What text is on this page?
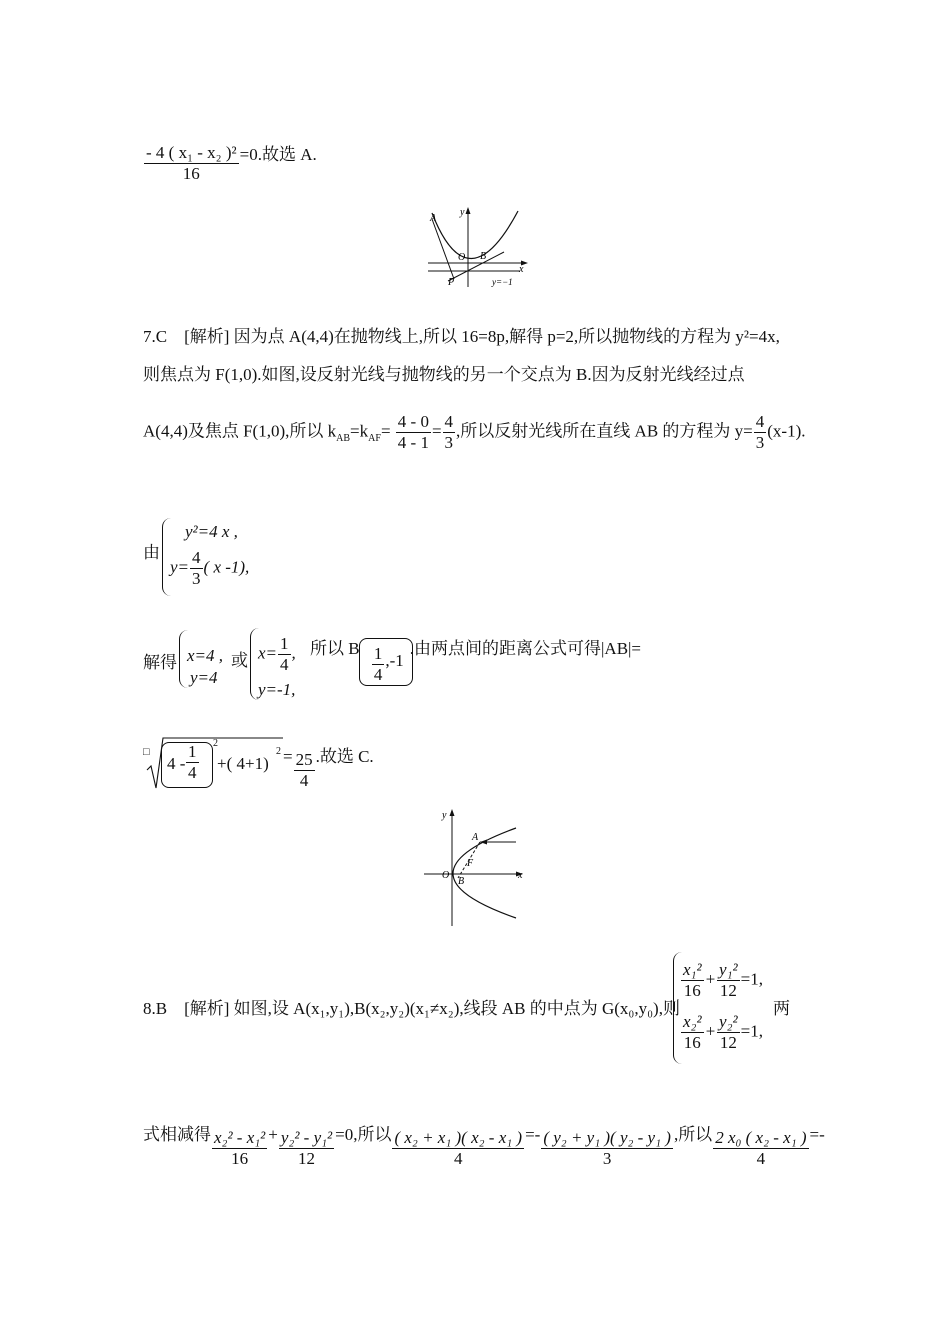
$\frac{\text{- 4 ( x₁ - x₂ )²}}{16} =0$.故选 A.
A
B
O
P
x
y
y=−1
7.C　[解析] 因为点 A(4,4)在抛物线上,所以 16=8p,解得 p=2,所以抛物线的方程为 y²=4x,
则焦点为 F(1,0).如图,设反射光线与抛物线的另一个交点为 B.因为反射光线经过点
A(4,4)及焦点 F(1,0),所以 $k_{AB}=k_{AF}= \frac{4 - 0}{4 - 1} = \frac{4}{3}$ ,所以反射光线所在直线 AB 的方程为 $y= \frac{4}{3} (x-1)$.
由
y²=4 x ,
$y= \frac{4}{3}$ ( x -1),
解得 x=4 ,
y=4
或 $x= \frac{1}{4}$ ,
y=-1,
所以 B $\frac{1}{4} ,-1$.由两点间的距离公式可得|AB|=
□
$4 - \frac{1}{4} 2$
+( 4+1)
$2 = \frac{25}{4}$ .故选 C.
A
B
F
O	x
y
8.B　[解析] 如图,设 A(x₁,y₁),B(x₂,y₂)(x₁≠x₂),线段 AB 的中点为 G(x₀,y₀),则
$\frac{\text{x₁²}}{16} + \frac{\text{y₁²}}{12} =1$,
两
$\frac{\text{x₂²}}{16} + \frac{\text{y₂²}}{12} =1$,
式相减得 $\frac{\text{x₂² - x₁²}}{16} + \frac{\text{y₂² - y₁²}}{12} =0$,所以 $\frac{\text{( x₂ + x₁ )( x₂ - x₁ )}}{4} =- \frac{\text{( y₂ + y₁ )( y₂ - y₁ )}}{3}$ ,所以 $\frac{\text{2 x₀ ( x₂ - x₁ )}}{4}$ =-
